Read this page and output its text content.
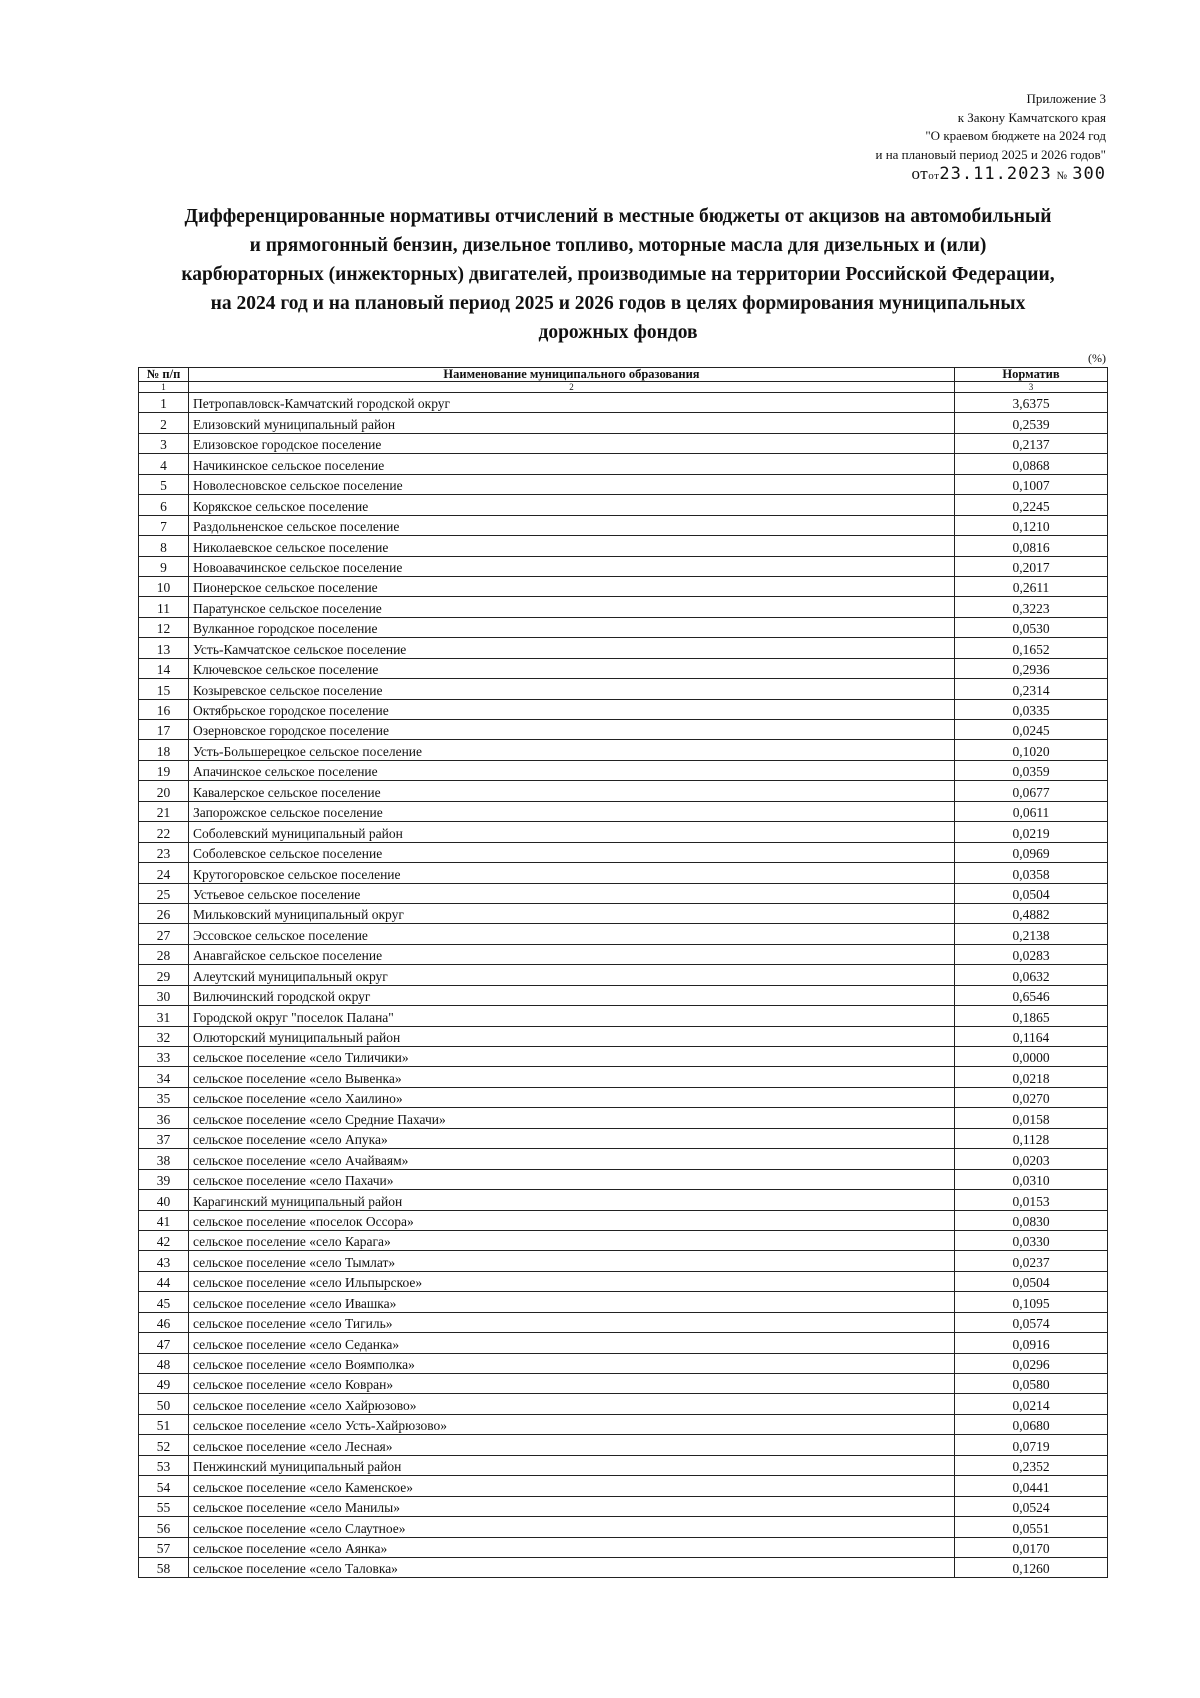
Приложение 3
к Закону Камчатского края
"О краевом бюджете на 2024 год
и на плановый период 2025 и 2026 годов"
отот23.11.2023 № 300
Дифференцированные нормативы отчислений в местные бюджеты от акцизов на автомобильный
и прямогонный бензин, дизельное топливо, моторные масла для дизельных и (или)
карбюраторных (инжекторных) двигателей, производимые на территории Российской Федерации,
на 2024 год и на плановый период 2025 и 2026 годов в целях формирования муниципальных
дорожных фондов
(%)
№ п/п	Наименование муниципального образования	Норматив
1	2	3
1	Петропавловск-Камчатский городской округ	3,6375
2	Елизовский муниципальный район	0,2539
3	Елизовское городское поселение	0,2137
4	Начикинское сельское поселение	0,0868
5	Новолесновское сельское поселение	0,1007
6	Корякское сельское поселение	0,2245
7	Раздольненское сельское поселение	0,1210
8	Николаевское сельское поселение	0,0816
9	Новоавачинское сельское поселение	0,2017
10	Пионерское сельское поселение	0,2611
11	Паратунское сельское поселение	0,3223
12	Вулканное городское поселение	0,0530
13	Усть-Камчатское сельское поселение	0,1652
14	Ключевское сельское поселение	0,2936
15	Козыревское сельское поселение	0,2314
16	Октябрьское городское поселение	0,0335
17	Озерновское городское поселение	0,0245
18	Усть-Большерецкое сельское поселение	0,1020
19	Апачинское сельское поселение	0,0359
20	Кавалерское сельское поселение	0,0677
21	Запорожское сельское поселение	0,0611
22	Соболевский муниципальный район	0,0219
23	Соболевское сельское поселение	0,0969
24	Крутогоровское сельское поселение	0,0358
25	Устьевое сельское поселение	0,0504
26	Мильковский муниципальный округ	0,4882
27	Эссовское сельское поселение	0,2138
28	Анавгайское сельское поселение	0,0283
29	Алеутский муниципальный округ	0,0632
30	Вилючинский городской округ	0,6546
31	Городской округ "поселок Палана"	0,1865
32	Олюторский муниципальный район	0,1164
33	сельское поселение «село Тиличики»	0,0000
34	сельское поселение «село Вывенка»	0,0218
35	сельское поселение «село Хаилино»	0,0270
36	сельское поселение «село Средние Пахачи»	0,0158
37	сельское поселение «село Апука»	0,1128
38	сельское поселение «село Ачайваям»	0,0203
39	сельское поселение «село Пахачи»	0,0310
40	Карагинский муниципальный район	0,0153
41	сельское поселение «поселок Оссора»	0,0830
42	сельское поселение «село Карага»	0,0330
43	сельское поселение «село Тымлат»	0,0237
44	сельское поселение «село Ильпырское»	0,0504
45	сельское поселение «село Ивашка»	0,1095
46	сельское поселение «село Тигиль»	0,0574
47	сельское поселение «село Седанка»	0,0916
48	сельское поселение «село Воямполка»	0,0296
49	сельское поселение «село Ковран»	0,0580
50	сельское поселение «село Хайрюзово»	0,0214
51	сельское поселение «село Усть-Хайрюзово»	0,0680
52	сельское поселение «село Лесная»	0,0719
53	Пенжинский муниципальный район	0,2352
54	сельское поселение «село Каменское»	0,0441
55	сельское поселение «село Манилы»	0,0524
56	сельское поселение «село Слаутное»	0,0551
57	сельское поселение «село Аянка»	0,0170
58	сельское поселение «село Таловка»	0,1260
